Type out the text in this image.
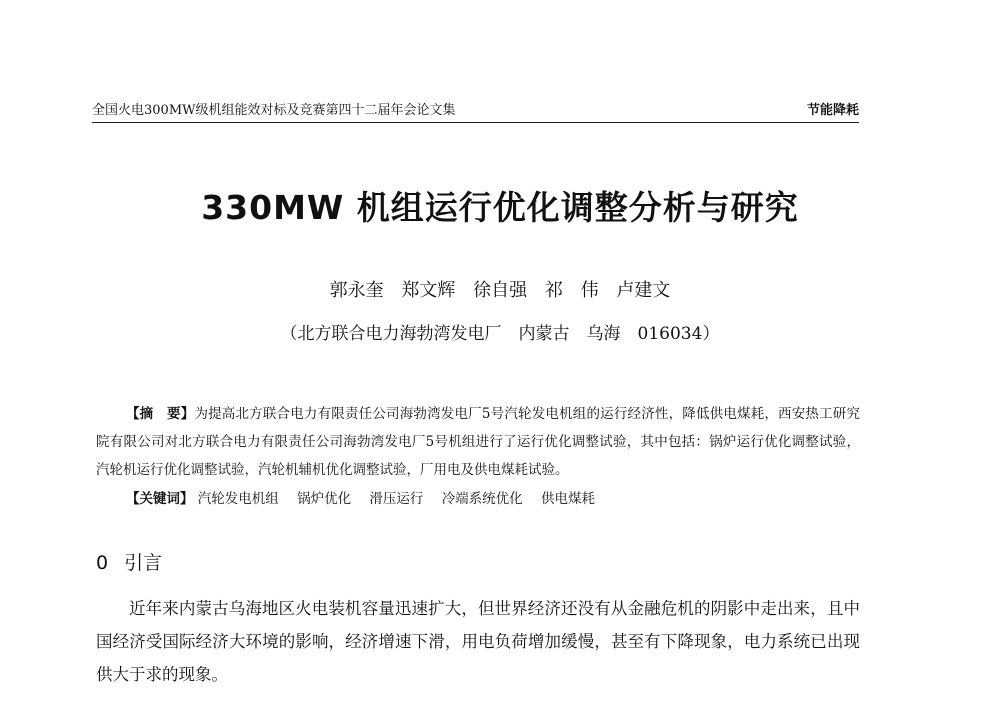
全国火电300MW级机组能效对标及竞赛第四十二届年会论文集	节能降耗
330MW 机组运行优化调整分析与研究
郭永奎 郑文辉 徐自强 祁 伟 卢建文
（北方联合电力海勃湾发电厂　内蒙古　乌海　016034）

【摘　要】为提高北方联合电力有限责任公司海勃湾发电厂5号汽轮发电机组的运行经济性，降低供电煤耗，西安热工研究院有限公司对北方联合电力有限责任公司海勃湾发电厂5号机组进行了运行优化调整试验，其中包括：锅炉运行优化调整试验，汽轮机运行优化调整试验，汽轮机辅机优化调整试验，厂用电及供电煤耗试验。

【关键词】 汽轮发电机组 锅炉优化 滑压运行 冷端系统优化 供电煤耗
0 引言

近年来内蒙古乌海地区火电装机容量迅速扩大，但世界经济还没有从金融危机的阴影中走出来，且中国经济受国际经济大环境的影响，经济增速下滑，用电负荷增加缓慢，甚至有下降现象，电力系统已出现供大于求的现象。
